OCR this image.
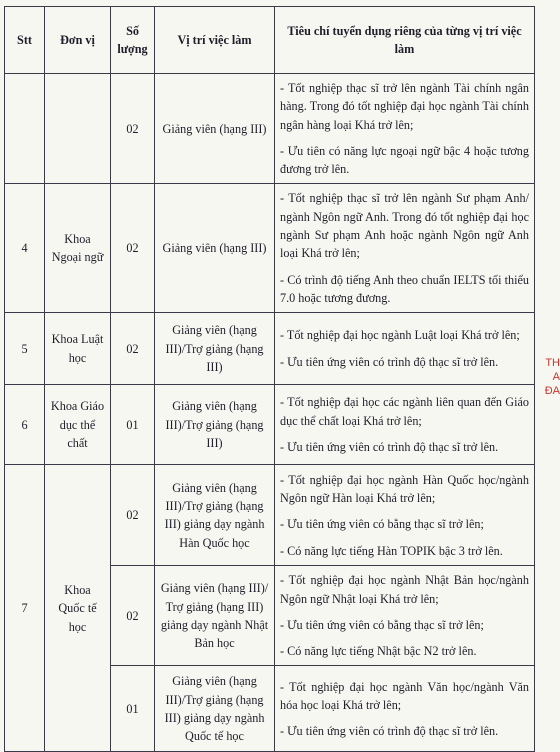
Stt	Đơn vị	Số lượng	Vị trí việc làm	Tiêu chí tuyển dụng riêng của từng vị trí việc làm
		02	Giảng viên (hạng III)	- Tốt nghiệp thạc sĩ trở lên ngành Tài chính ngân hàng. Trong đó tốt nghiệp đại học ngành Tài chính ngân hàng loại Khá trở lên;

- Ưu tiên có năng lực ngoại ngữ bậc 4 hoặc tương đương trở lên.

4	Khoa Ngoại ngữ	02	Giảng viên (hạng III)	- Tốt nghiệp thạc sĩ trở lên ngành Sư phạm Anh/ ngành Ngôn ngữ Anh. Trong đó tốt nghiệp đại học ngành Sư phạm Anh hoặc ngành Ngôn ngữ Anh loại Khá trở lên;

- Có trình độ tiếng Anh theo chuẩn IELTS tối thiểu 7.0 hoặc tương đương.

5	Khoa Luật học	02	Giảng viên (hạng III)/Trợ giảng (hạng III)	- Tốt nghiệp đại học ngành Luật loại Khá trở lên;

- Ưu tiên ứng viên có trình độ thạc sĩ trở lên.

6	Khoa Giáo dục thể chất	01	Giảng viên (hạng III)/Trợ giảng (hạng III)	- Tốt nghiệp đại học các ngành liên quan đến Giáo dục thể chất loại Khá trở lên;

- Ưu tiên ứng viên có trình độ thạc sĩ trở lên.

7	Khoa Quốc tế học	02	Giảng viên (hạng III)/Trợ giảng (hạng III) giảng dạy ngành Hàn Quốc học	- Tốt nghiệp đại học ngành Hàn Quốc học/ngành Ngôn ngữ Hàn loại Khá trở lên;

- Ưu tiên ứng viên có bằng thạc sĩ trở lên;

- Có năng lực tiếng Hàn TOPIK bậc 3 trở lên.

		02	Giảng viên (hạng III)/ Trợ giảng (hạng III) giảng dạy ngành Nhật Bản học	- Tốt nghiệp đại học ngành Nhật Bản học/ngành Ngôn ngữ Nhật loại Khá trở lên;

- Ưu tiên ứng viên có bằng thạc sĩ trở lên;

- Có năng lực tiếng Nhật bậc N2 trở lên.

		01	Giảng viên (hạng III)/Trợ giảng (hạng III) giảng dạy ngành Quốc tế học	- Tốt nghiệp đại học ngành Văn học/ngành Văn hóa học loại Khá trở lên;

- Ưu tiên ứng viên có trình độ thạc sĩ trở lên.

TH A ĐA
